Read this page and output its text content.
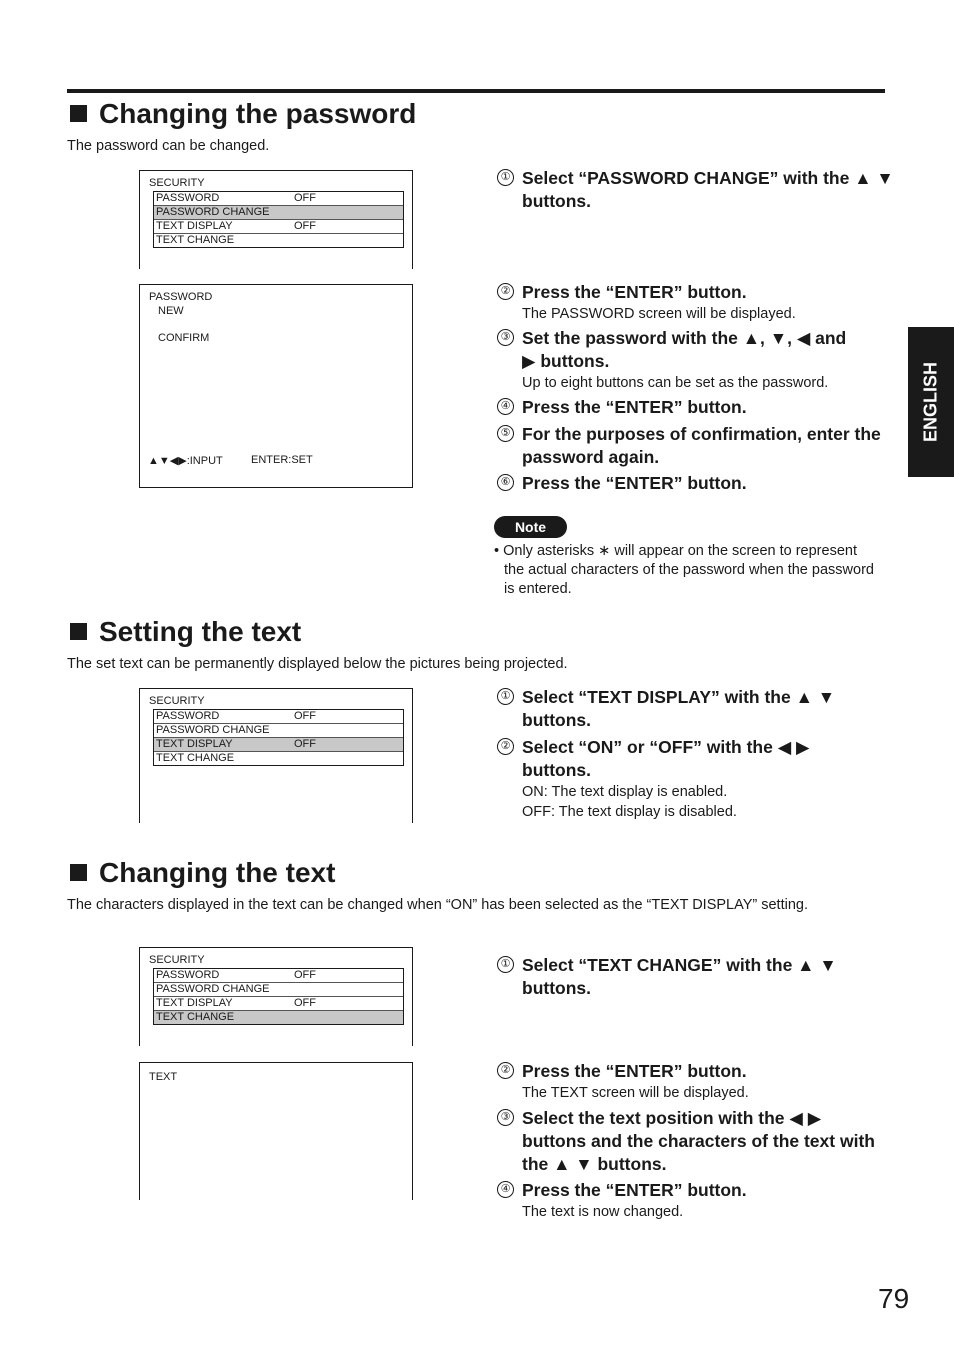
Changing the password
The password can be changed.
SECURITY
PASSWORD	OFF
PASSWORD CHANGE
TEXT DISPLAY	OFF
TEXT CHANGE
PASSWORD
NEW
CONFIRM
▲▼◀▶:INPUT	ENTER:SET
① Select “PASSWORD CHANGE” with the ▲ ▼ buttons.
② Press the “ENTER” button.
The PASSWORD screen will be displayed.
③ Set the password with the ▲, ▼, ◀ and ▶ buttons.
Up to eight buttons can be set as the password.
④ Press the “ENTER” button.
⑤ For the purposes of confirmation, enter the password again.
⑥ Press the “ENTER” button.
Note
• Only asterisks ∗ will appear on the screen to represent the actual characters of the password when the password is entered.
Setting the text
The set text can be permanently displayed below the pictures being projected.
SECURITY
PASSWORD	OFF
PASSWORD CHANGE
TEXT DISPLAY	OFF
TEXT CHANGE
① Select “TEXT DISPLAY” with the ▲ ▼ buttons.
② Select “ON” or “OFF” with the ◀ ▶ buttons.
ON: The text display is enabled.
OFF: The text display is disabled.
Changing the text
The characters displayed in the text can be changed when “ON” has been selected as the “TEXT DISPLAY” setting.
SECURITY
PASSWORD	OFF
PASSWORD CHANGE
TEXT DISPLAY	OFF
TEXT CHANGE
TEXT
① Select “TEXT CHANGE” with the ▲ ▼ buttons.
② Press the “ENTER” button.
The TEXT screen will be displayed.
③ Select the text position with the ◀ ▶ buttons and the characters of the text with the ▲ ▼ buttons.
④ Press the “ENTER” button.
The text is now changed.
ENGLISH
79
